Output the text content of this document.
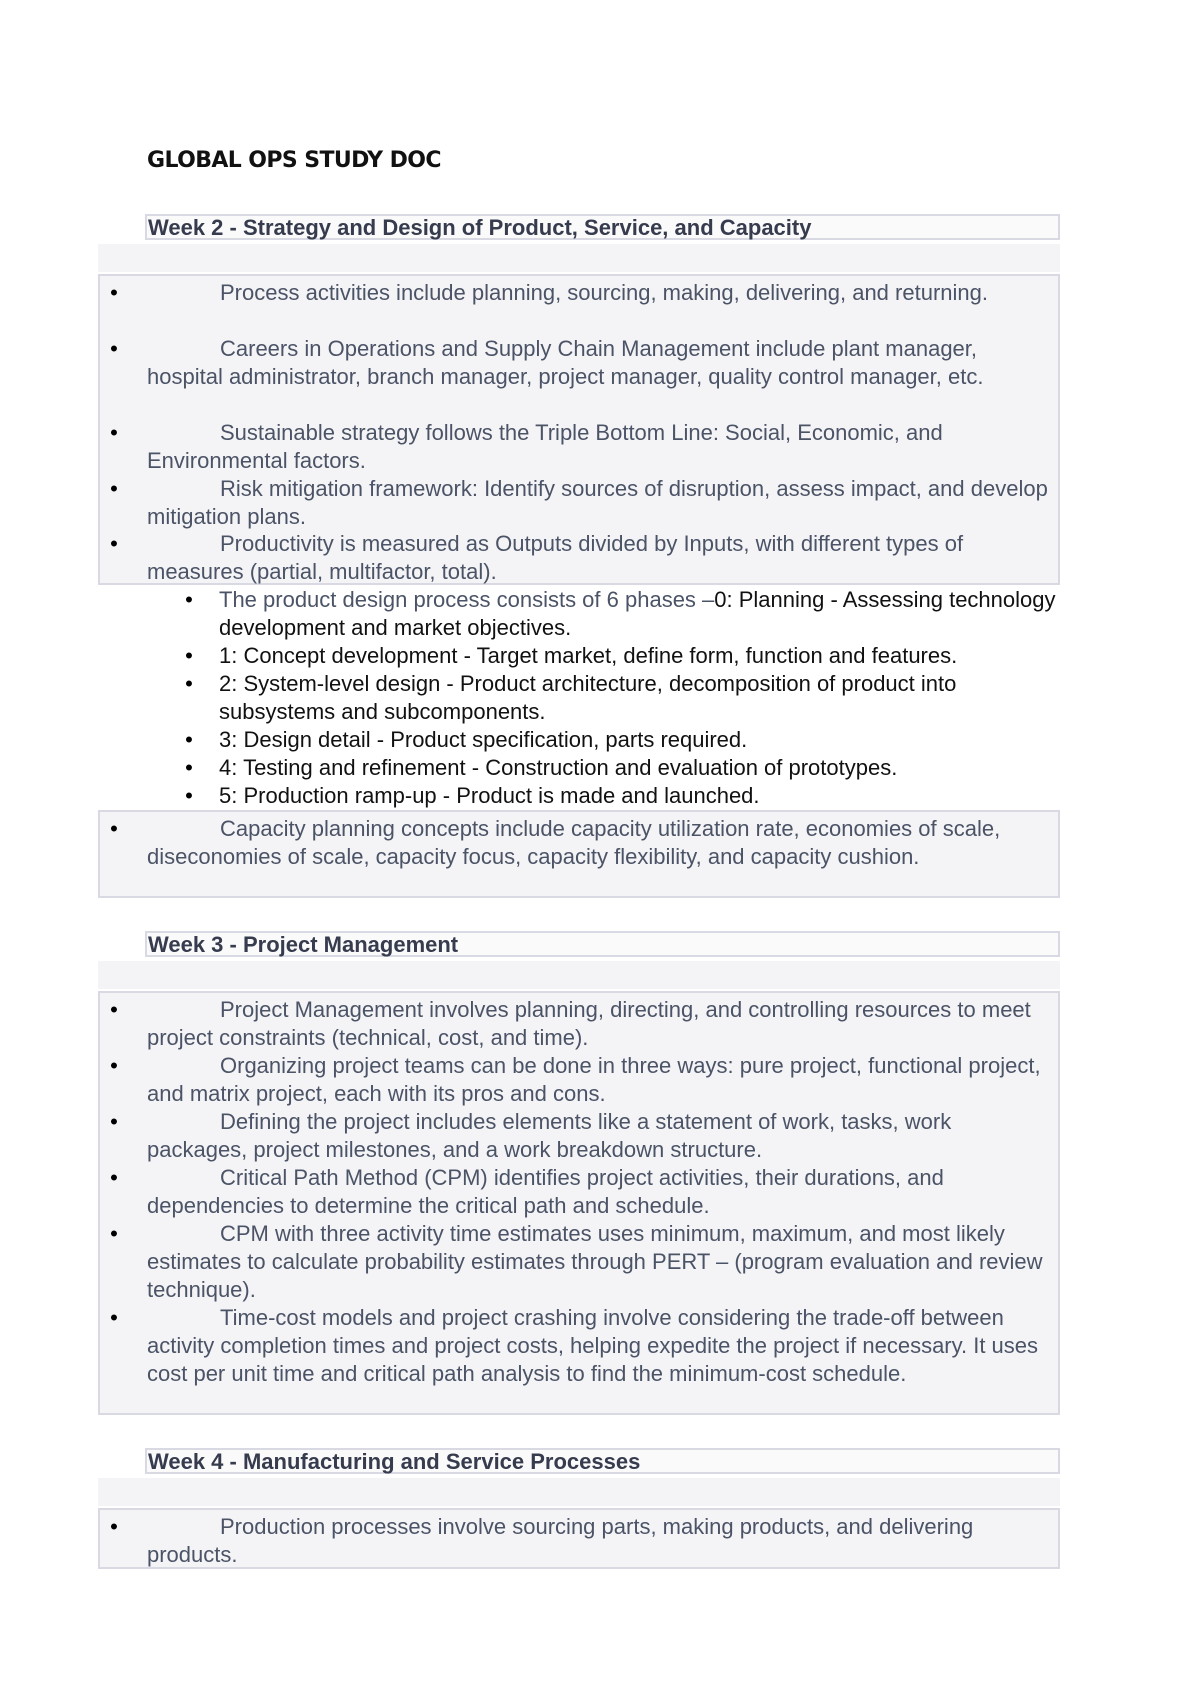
GLOBAL OPS STUDY DOC
Week 2 - Strategy and Design of Product, Service, and Capacity
•	Process activities include planning, sourcing, making, delivering, and returning.
•	Careers in Operations and Supply Chain Management include plant manager, hospital administrator, branch manager, project manager, quality control manager, etc.
•	Sustainable strategy follows the Triple Bottom Line: Social, Economic, and Environmental factors.
•	Risk mitigation framework: Identify sources of disruption, assess impact, and develop mitigation plans.
•	Productivity is measured as Outputs divided by Inputs, with different types of measures (partial, multifactor, total).
• The product design process consists of 6 phases –0: Planning - Assessing technology development and market objectives.
• 1: Concept development - Target market, define form, function and features.
• 2: System-level design - Product architecture, decomposition of product into subsystems and subcomponents.
• 3: Design detail - Product specification, parts required.
• 4: Testing and refinement - Construction and evaluation of prototypes.
• 5: Production ramp-up - Product is made and launched.
•	Capacity planning concepts include capacity utilization rate, economies of scale, diseconomies of scale, capacity focus, capacity flexibility, and capacity cushion.
Week 3 - Project Management
•	Project Management involves planning, directing, and controlling resources to meet project constraints (technical, cost, and time).
•	Organizing project teams can be done in three ways: pure project, functional project, and matrix project, each with its pros and cons.
•	Defining the project includes elements like a statement of work, tasks, work packages, project milestones, and a work breakdown structure.
•	Critical Path Method (CPM) identifies project activities, their durations, and dependencies to determine the critical path and schedule.
•	CPM with three activity time estimates uses minimum, maximum, and most likely estimates to calculate probability estimates through PERT – (program evaluation and review technique).
•	Time-cost models and project crashing involve considering the trade-off between activity completion times and project costs, helping expedite the project if necessary. It uses cost per unit time and critical path analysis to find the minimum-cost schedule.
Week 4 - Manufacturing and Service Processes
•	Production processes involve sourcing parts, making products, and delivering products.
